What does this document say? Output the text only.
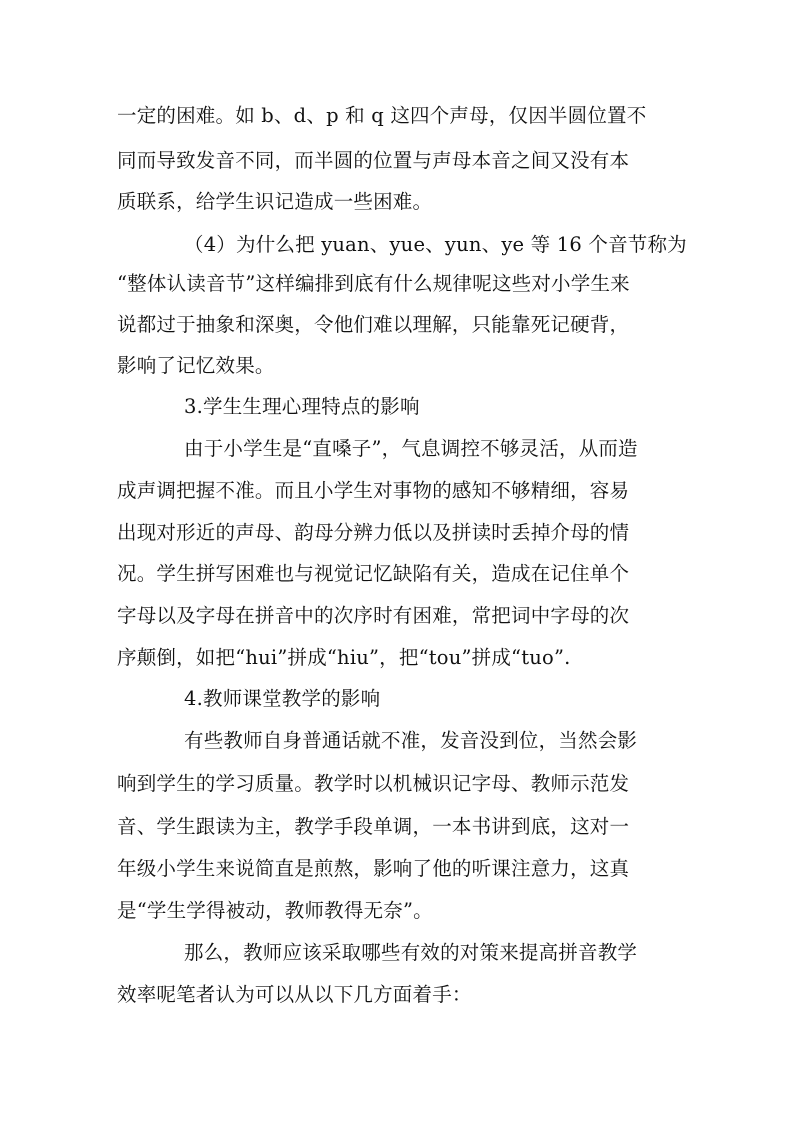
一定的困难。如 b、d、p 和 q 这四个声母，仅因半圆位置不
同而导致发音不同，而半圆的位置与声母本音之间又没有本
质联系，给学生识记造成一些困难。
（4）为什么把 yuan、yue、yun、ye 等 16 个音节称为
“整体认读音节”这样编排到底有什么规律呢这些对小学生来
说都过于抽象和深奥，令他们难以理解，只能靠死记硬背，
影响了记忆效果。
3.学生生理心理特点的影响
由于小学生是“直嗓子”，气息调控不够灵活，从而造
成声调把握不准。而且小学生对事物的感知不够精细，容易
出现对形近的声母、韵母分辨力低以及拼读时丢掉介母的情
况。学生拼写困难也与视觉记忆缺陷有关，造成在记住单个
字母以及字母在拼音中的次序时有困难，常把词中字母的次
序颠倒，如把“hui”拼成“hiu”，把“tou”拼成“tuo”.
4.教师课堂教学的影响
有些教师自身普通话就不准，发音没到位，当然会影
响到学生的学习质量。教学时以机械识记字母、教师示范发
音、学生跟读为主，教学手段单调，一本书讲到底，这对一
年级小学生来说简直是煎熬，影响了他的听课注意力，这真
是“学生学得被动，教师教得无奈”。
那么，教师应该采取哪些有效的对策来提高拼音教学
效率呢笔者认为可以从以下几方面着手：
